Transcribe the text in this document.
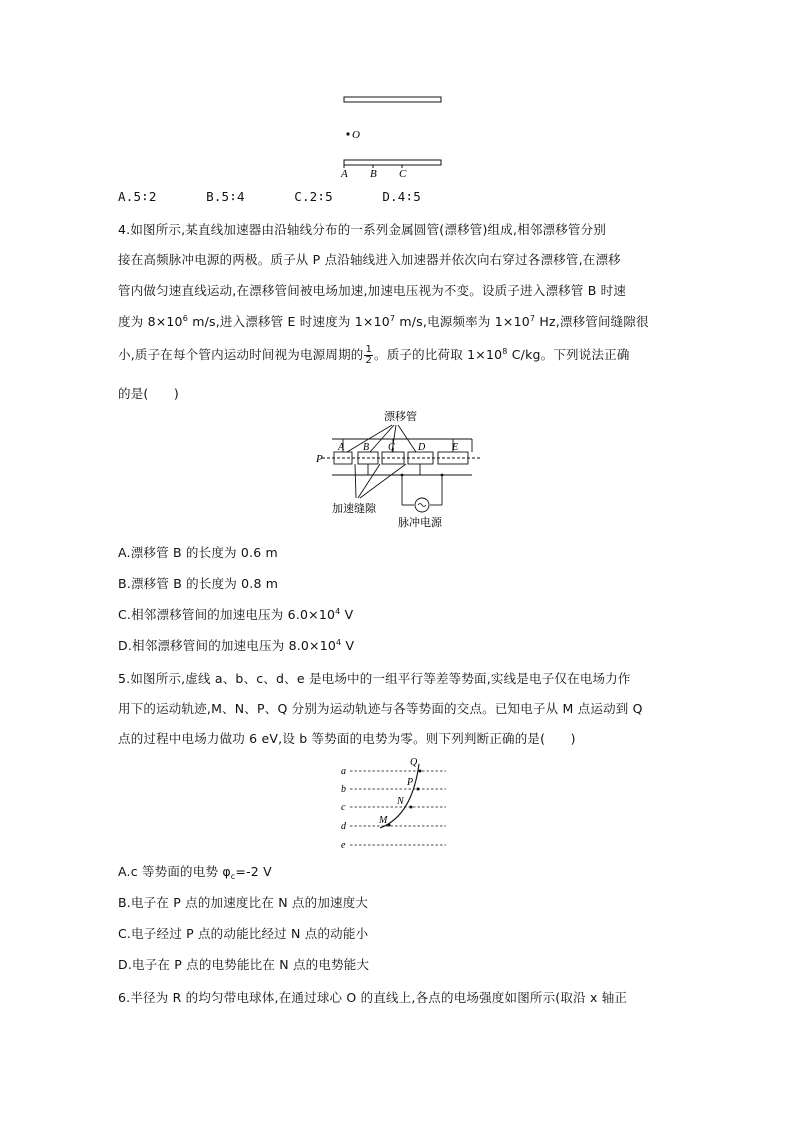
O
A B C
A.5∶2	B.5∶4	C.2∶5	D.4∶5
4.如图所示,某直线加速器由沿轴线分布的一系列金属圆管(漂移管)组成,相邻漂移管分别
接在高频脉冲电源的两极。质子从 P 点沿轴线进入加速器并依次向右穿过各漂移管,在漂移
管内做匀速直线运动,在漂移管间被电场加速,加速电压视为不变。设质子进入漂移管 B 时速
度为 $8\times 10^6$ m/s,进入漂移管 E 时速度为 $1\times 10^7$ m/s,电源频率为 $1\times 10^7$ Hz,漂移管间缝隙很
小,质子在每个管内运动时间视为电源周期的 $\frac{1}{2}$ 。质子的比荷取 $1\times 10^8$ C/kg。下列说法正确
的是(　　)
漂移管
P
A B C D	E
加速缝隙
脉冲电源
A.漂移管 B 的长度为 0.6 m
B.漂移管 B 的长度为 0.8 m
C.相邻漂移管间的加速电压为 $6.0\times 10^4$ V
D.相邻漂移管间的加速电压为 $8.0\times 10^4$ V
5.如图所示,虚线 a、b、c、d、e 是电场中的一组平行等差等势面,实线是电子仅在电场力作
用下的运动轨迹,M、N、P、Q 分别为运动轨迹与各等势面的交点。已知电子从 M 点运动到 Q
点的过程中电场力做功 6 eV,设 b 等势面的电势为零。则下列判断正确的是(　　)
a
b
c
d
e
Q
P
N
M
A.c 等势面的电势 $\varphi_c=-2$ V
B.电子在 P 点的加速度比在 N 点的加速度大
C.电子经过 P 点的动能比经过 N 点的动能小
D.电子在 P 点的电势能比在 N 点的电势能大
6.半径为 R 的均匀带电球体,在通过球心 O 的直线上,各点的电场强度如图所示(取沿 x 轴正
